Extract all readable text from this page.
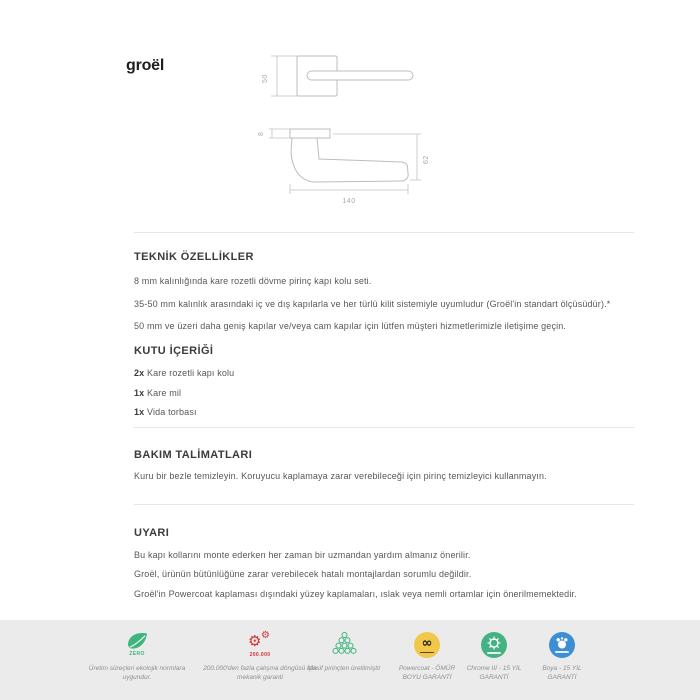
groël
50
8
62
140
TEKNİK ÖZELLİKLER
8 mm kalınlığında kare rozetli dövme pirinç kapı kolu seti.
35-50 mm kalınlık arasındaki iç ve dış kapılarla ve her türlü kilit sistemiyle uyumludur (Groël'in standart ölçüsüdür).*
50 mm ve üzeri daha geniş kapılar ve/veya cam kapılar için lütfen müşteri hizmetlerimizle iletişime geçin.
KUTU İÇERİĞİ
2x Kare rozetli kapı kolu
1x Kare mil
1x Vida torbası
BAKIM TALİMATLARI
Kuru bir bezle temizleyin. Koruyucu kaplamaya zarar verebileceği için pirinç temizleyici kullanmayın.
UYARI
Bu kapı kollarını monte ederken her zaman bir uzmandan yardım almanız önerilir.
Groël, ürünün bütünlüğüne zarar verebilecek hatalı montajlardan sorumlu değildir.
Groël'in Powercoat kaplaması dışındaki yüzey kaplamaları, ıslak veya nemli ortamlar için önerilmemektedir.
ZERO
Üretim süreçleri ekolojik normlara uygundur.
⚙ ⚙
200.000
200.000'den fazla çalışma döngüsü için mekanik garanti
Masif pirinçten üretilmiştir
∞
Powercoat - ÖMÜR BOYU GARANTİ
Chrome III - 15 YIL GARANTİ
Boya - 15 YIL GARANTİ
